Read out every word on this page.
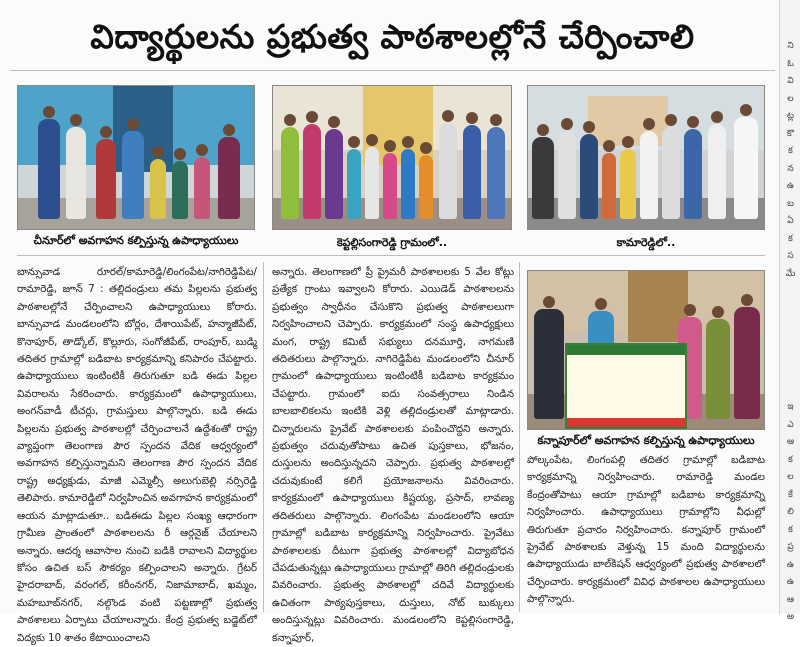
విద్యార్థులను ప్రభుత్వ పాఠశాలల్లోనే చేర్పించాలి
చీనూర్‌లో అవగాహన కల్పిస్తున్న ఉపాధ్యాయులు	కెప్టల్లిసంగారెడ్డి గ్రామంలో..	కామారెడ్డిలో..
కన్నాపూర్‌లో అవగాహన కల్పిస్తున్న ఉపాధ్యాయులు

బాన్సువాడ రూరల్/కామారెడ్డి/లింగంపేట/నాగిరెడ్డిపేట/రామారెడ్డి, జూన్ 7 : తల్లిదండ్రులు తమ పిల్లలను ప్రభుత్వ పాఠశాలల్లోనే చేర్పించాలని ఉపాధ్యాయులు కోరారు. బాన్సువాడ మండలంలోని బోర్లం, దేశాయిపేట్, హన్మాజీపేట్, కొనాపూర్, తాడ్కోల్, కొల్లూరు, సంగోజీపేట్, రాంపూర్, బుడ్మి తదితర గ్రామాల్లో బడిబాట కార్యక్రమాన్ని కనిపారం చేపట్టారు. ఉపాధ్యాయులు ఇంటింటికీ తిరుగుతూ బడి ఈడు పిల్లల వివరాలను సేకరించారు. కార్యక్రమంలో ఉపాధ్యాయులు, అంగన్‌వాడీ టీచర్లు, గ్రామస్తులు పాల్గొన్నారు. బడి ఈడు పిల్లలను ప్రభుత్వ పాఠశాలల్లో చేర్పించాలనే ఉద్దేశంతో రాష్ట్ర వ్యాప్తంగా తెలంగాణ పౌర స్పందన వేదిక ఆధ్వర్యంలో అవగాహన కల్పిస్తున్నామని తెలంగాణ పౌర స్పందన వేదిక రాష్ట్ర అధ్యక్షుడు, మాజీ ఎమ్మెల్సీ అలుగుబెల్లి నర్సిరెడ్డి తెలిపారు. కామారెడ్డిలో నిర్వహించిన అవగాహన కార్యక్రమంలో ఆయన మాట్లాడుతూ.. బడిఈడు పిల్లల సంఖ్య ఆధారంగా గ్రామీణ ప్రాంతంలో పాఠశాలలను రీ ఆర్గనైజ్ చేయాలని అన్నారు. ఆదర్శ ఆవాసాల నుంచి బడికి రావాలని విద్యార్థుల కోసం ఉచిత బస్ సౌకర్యం కల్పించాలని అన్నారు. గ్రేటర్ హైదరాబాద్, వరంగల్, కరీంనగర్, నిజామాబాద్, ఖమ్మం, మహబూబ్‌నగర్, నల్గొండ వంటి పట్టణాల్లో ప్రభుత్వ పాఠశాలలు ఏర్పాటు చేయాలన్నారు. కేంద్ర ప్రభుత్వ బడ్జెట్‌లో విద్యకు 10 శాతం కేటాయించాలని

అన్నారు. తెలంగాణలో ప్రీ ప్రైమరీ పాఠశాలలకు 5 వేల కోట్లు ప్రత్యేక గ్రాంటు ఇవ్వాలని కోరారు. ఎయిడెడ్ పాఠశాలలను ప్రభుత్వం స్వాధీనం చేసుకొని ప్రభుత్వ పాఠశాలలుగా నిర్వహించాలని చెప్పారు. కార్యక్రమంలో సంస్థ ఉపాధ్యక్షులు మంగ, రాష్ట్ర కమిటీ సభ్యులు దనమూర్తి, నాగమణి తదితరులు పాల్గొన్నారు. నాగిరెడ్డిపేట మండలంలోని చీనూర్ గ్రామంలో ఉపాధ్యాయులు ఇంటింటికీ బడిబాట కార్యక్రమం చేపట్టారు. గ్రామంలో ఐదు సంవత్సరాలు నిండిన బాలబాలికలను ఇంటికి వెళ్లి తల్లిదండ్రులతో మాట్లాడారు. చిన్నారులను ప్రైవేట్ పాఠశాలలకు పంపించొద్దని అన్నారు. ప్రభుత్వం చదువుతోపాటు ఉచిత పుస్తకాలు, భోజనం, దుస్తులను అందిస్తున్నదని చెప్పారు. ప్రభుత్వ పాఠశాలల్లో చదువుకుంటే కలిగే ప్రయోజనాలను వివరించారు. కార్యక్రమంలో ఉపాధ్యాయులు కిష్టయ్య, ప్రసాద్, లావణ్య తదితరులు పాల్గొన్నారు. లింగంపేట మండలంలోని ఆయా గ్రామాల్లో బడిబాట కార్యక్రమాన్ని నిర్వహించారు. ప్రైవేటు పాఠశాలలకు దీటుగా ప్రభుత్వ పాఠశాలల్లో విద్యాబోధన చేపడుతున్నట్లు ఉపాధ్యాయులు గ్రామాల్లో తిరిగి తల్లిదండ్రులకు వివరించారు. ప్రభుత్వ పాఠశాలల్లో చదివే విద్యార్థులకు ఉచితంగా పాఠ్యపుస్తకాలు, దుస్తులు, నోట్ బుక్కులు అందిస్తున్నట్లు వివరించారు. మండలంలోని కెప్టల్లిసంగారెడ్డి, కన్నాపూర్,

పోల్కంపేట, లింగంపల్లి తదితర గ్రామాల్లో బడిబాట కార్యక్రమాన్ని నిర్వహించారు. రామారెడ్డి మండల కేంద్రంతోపాటు ఆయా గ్రామాల్లో బడిబాట కార్యక్రమాన్ని నిర్వహించారు. ఉపాధ్యాయులు గ్రామాల్లోని వీధుల్లో తిరుగుతూ ప్రచారం నిర్వహించారు. కన్నాపూర్ గ్రామంలో ప్రైవేట్ పాఠశాలకు వెళ్తున్న 15 మంది విద్యార్థులను ఉపాధ్యాయుడు బాల్‌కిషన్ ఆధ్వర్యంలో ప్రభుత్వ పాఠశాలలో చేర్పించారు. కార్యక్రమంలో వివిధ పాఠశాలల ఉపాధ్యాయులు పాల్గొన్నారు.

ని
ఓ
వి
ల
ట్ల
కొ
క
న
ఉ
బ
ఏ
క
స
మే
ఇ
ఎ
ఆ
క
ల
కే
లి
క
ప్ర
ఉ
ఉ
ఆ
అ
